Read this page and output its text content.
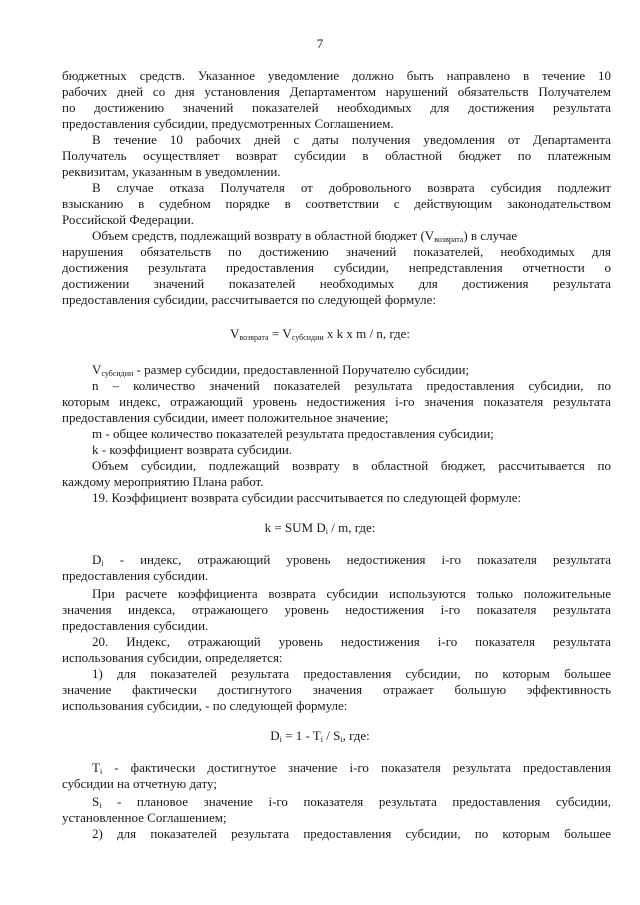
7
бюджетных средств. Указанное уведомление должно быть направлено в течение 10
рабочих дней со дня установления Департаментом нарушений обязательств Получателем
по достижению значений показателей необходимых для достижения результата
предоставления субсидии, предусмотренных Соглашением.
В течение 10 рабочих дней с даты получения уведомления от Департамента
Получатель осуществляет возврат субсидии в областной бюджет по платежным
реквизитам, указанным в уведомлении.
В случае отказа Получателя от добровольного возврата субсидия подлежит
взысканию в судебном порядке в соответствии с действующим законодательством
Российской Федерации.
Объем средств, подлежащий возврату в областной бюджет $(V_{возврата})$ в случае
нарушения обязательств по достижению значений показателей, необходимых для
достижения результата предоставления субсидии, непредставления отчетности о
достижении значений показателей необходимых для достижения результата
предоставления субсидии, рассчитывается по следующей формуле:
$V_{возврата} = V_{субсидии}$ x k x m / n, где:
$V_{субсидии}$ - размер субсидии, предоставленной Поручателю субсидии;
n – количество значений показателей результата предоставления субсидии, по
которым индекс, отражающий уровень недостижения i-го значения показателя результата
предоставления субсидии, имеет положительное значение;
m - общее количество показателей результата предоставления субсидии;
k - коэффициент возврата субсидии.
Объем субсидии, подлежащий возврату в областной бюджет, рассчитывается по
каждому мероприятию Плана работ.
19. Коэффициент возврата субсидии рассчитывается по следующей формуле:
k = SUM $D_i$ / m, где:
$D_i$ - индекс, отражающий уровень недостижения i-го показателя результата
предоставления субсидии.
При расчете коэффициента возврата субсидии используются только положительные
значения индекса, отражающего уровень недостижения i-го показателя результата
предоставления субсидии.
20. Индекс, отражающий уровень недостижения i-го показателя результата
использования субсидии, определяется:
1) для показателей результата предоставления субсидии, по которым большее
значение фактически достигнутого значения отражает большую эффективность
использования субсидии, - по следующей формуле:
$D_i = 1 - T_i / S_i$, где:
$T_i$ - фактически достигнутое значение i-го показателя результата предоставления
субсидии на отчетную дату;
$S_i$ - плановое значение i-го показателя результата предоставления субсидии,
установленное Соглашением;
2) для показателей результата предоставления субсидии, по которым большее
